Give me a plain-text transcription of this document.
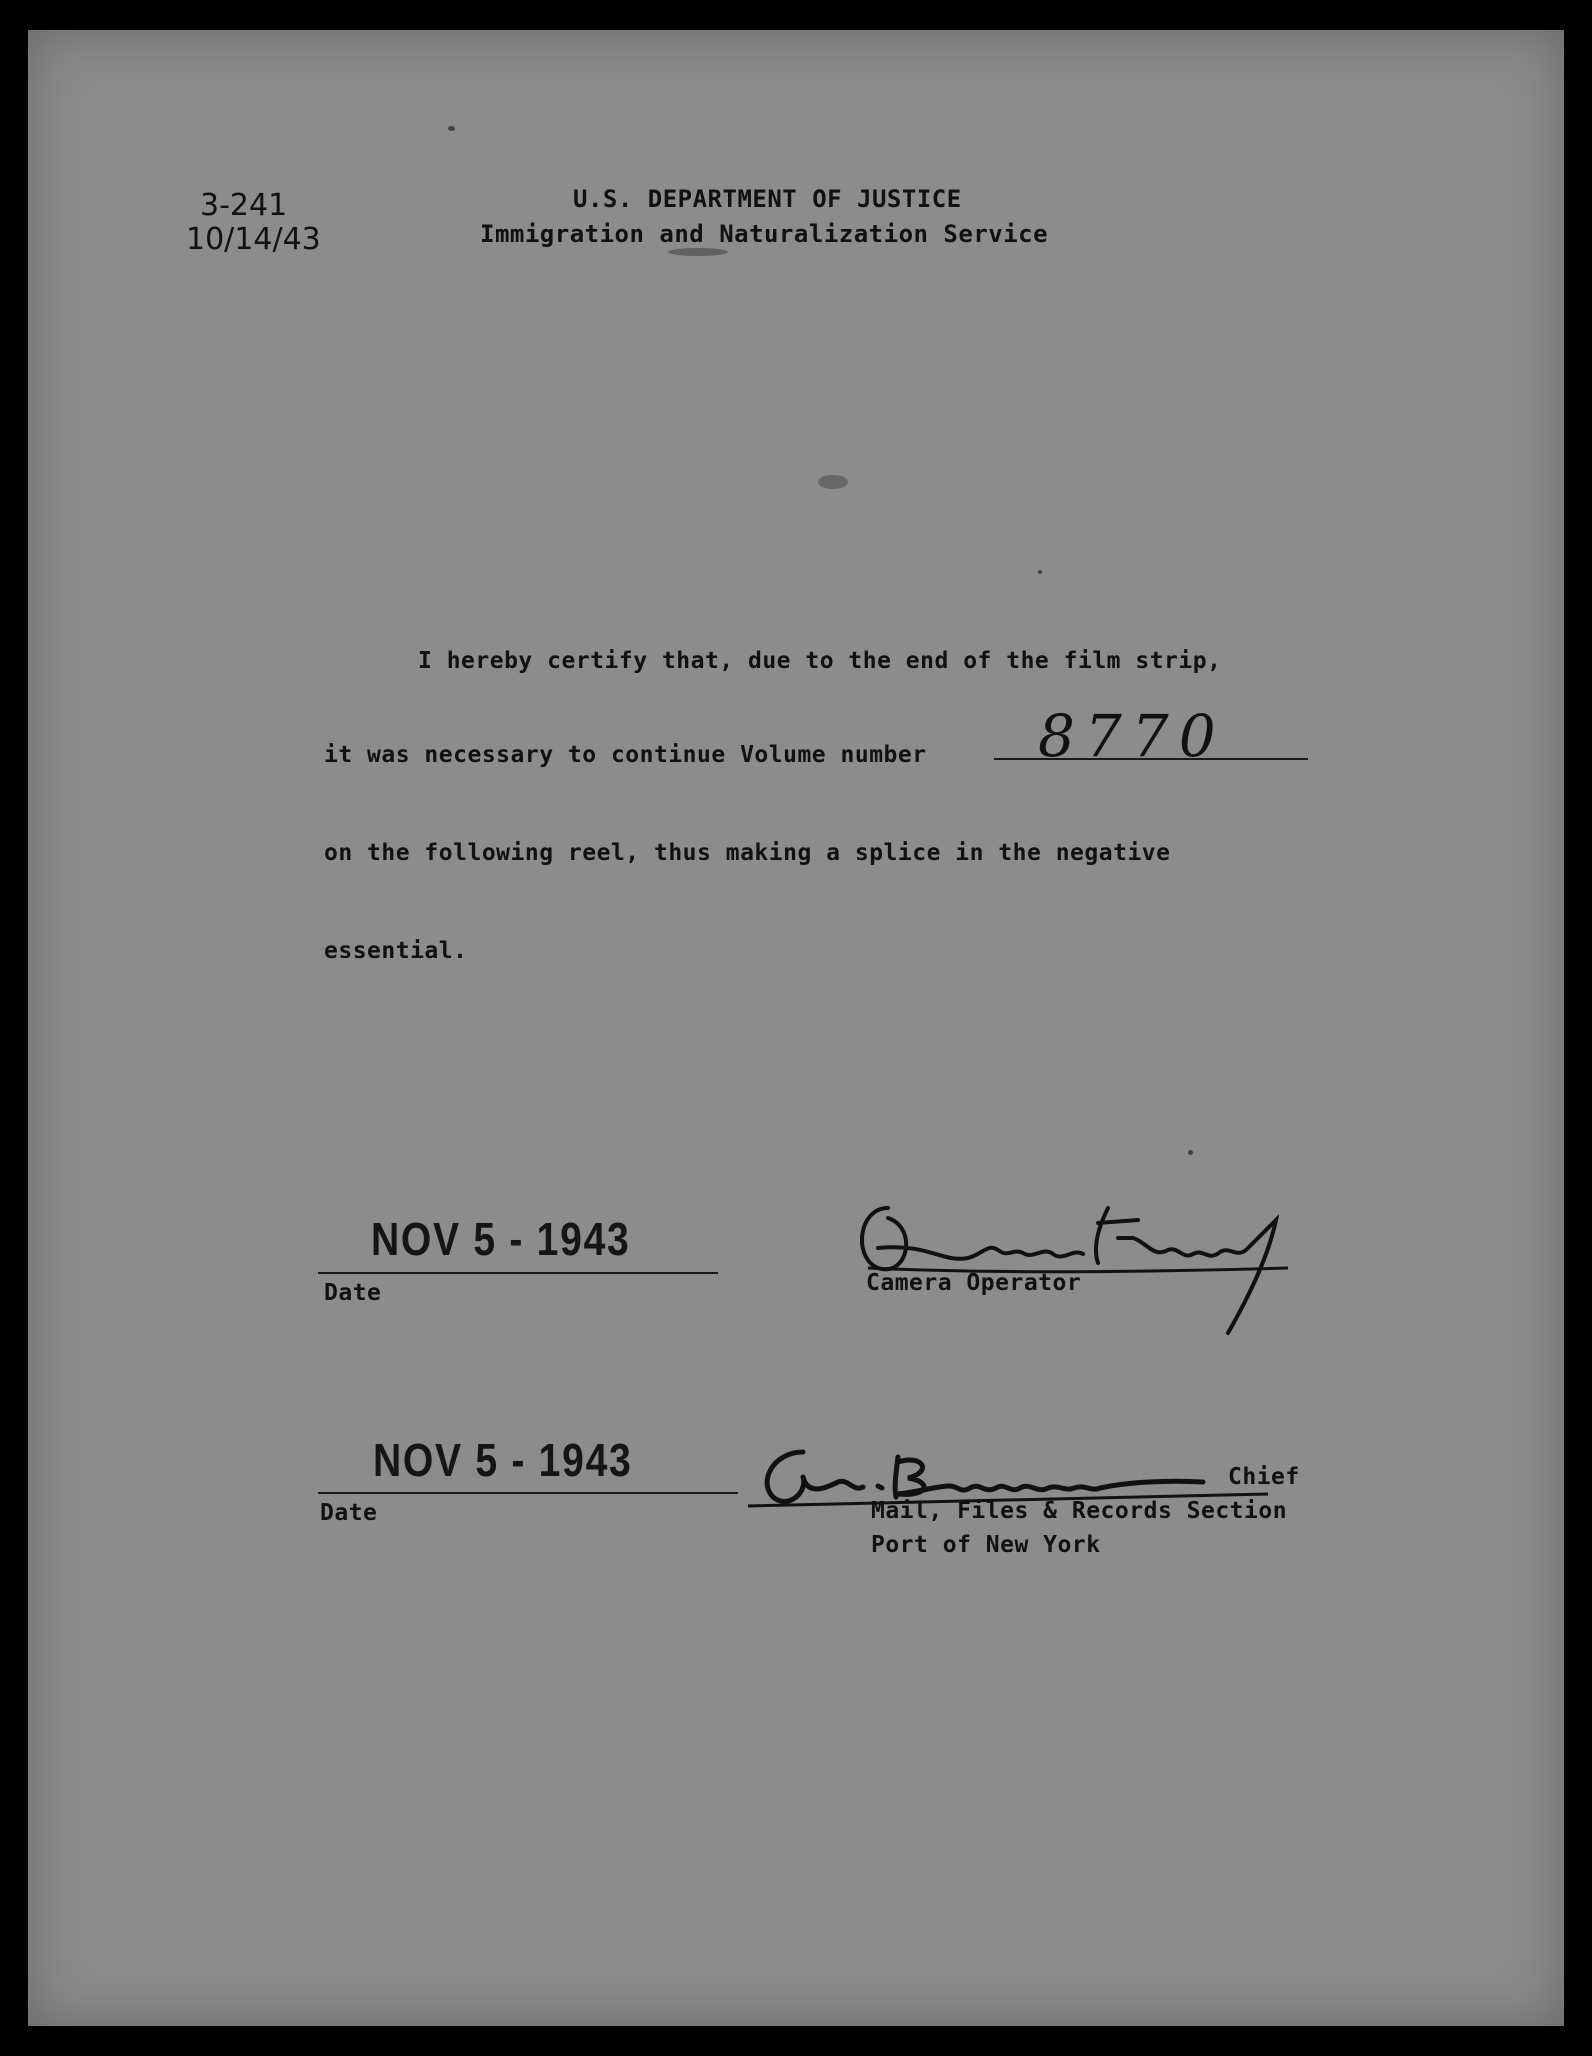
3-241
10/14/43
U.S. DEPARTMENT OF JUSTICE
Immigration and Naturalization Service
I hereby certify that, due to the end of the film strip,
it was necessary to continue Volume number 8770
on the following reel, thus making a splice in the negative
essential.
NOV 5 - 1943
Date	Camera Operator
NOV 5 - 1943
Date
Chief
Mail, Files & Records Section
Port of New York
